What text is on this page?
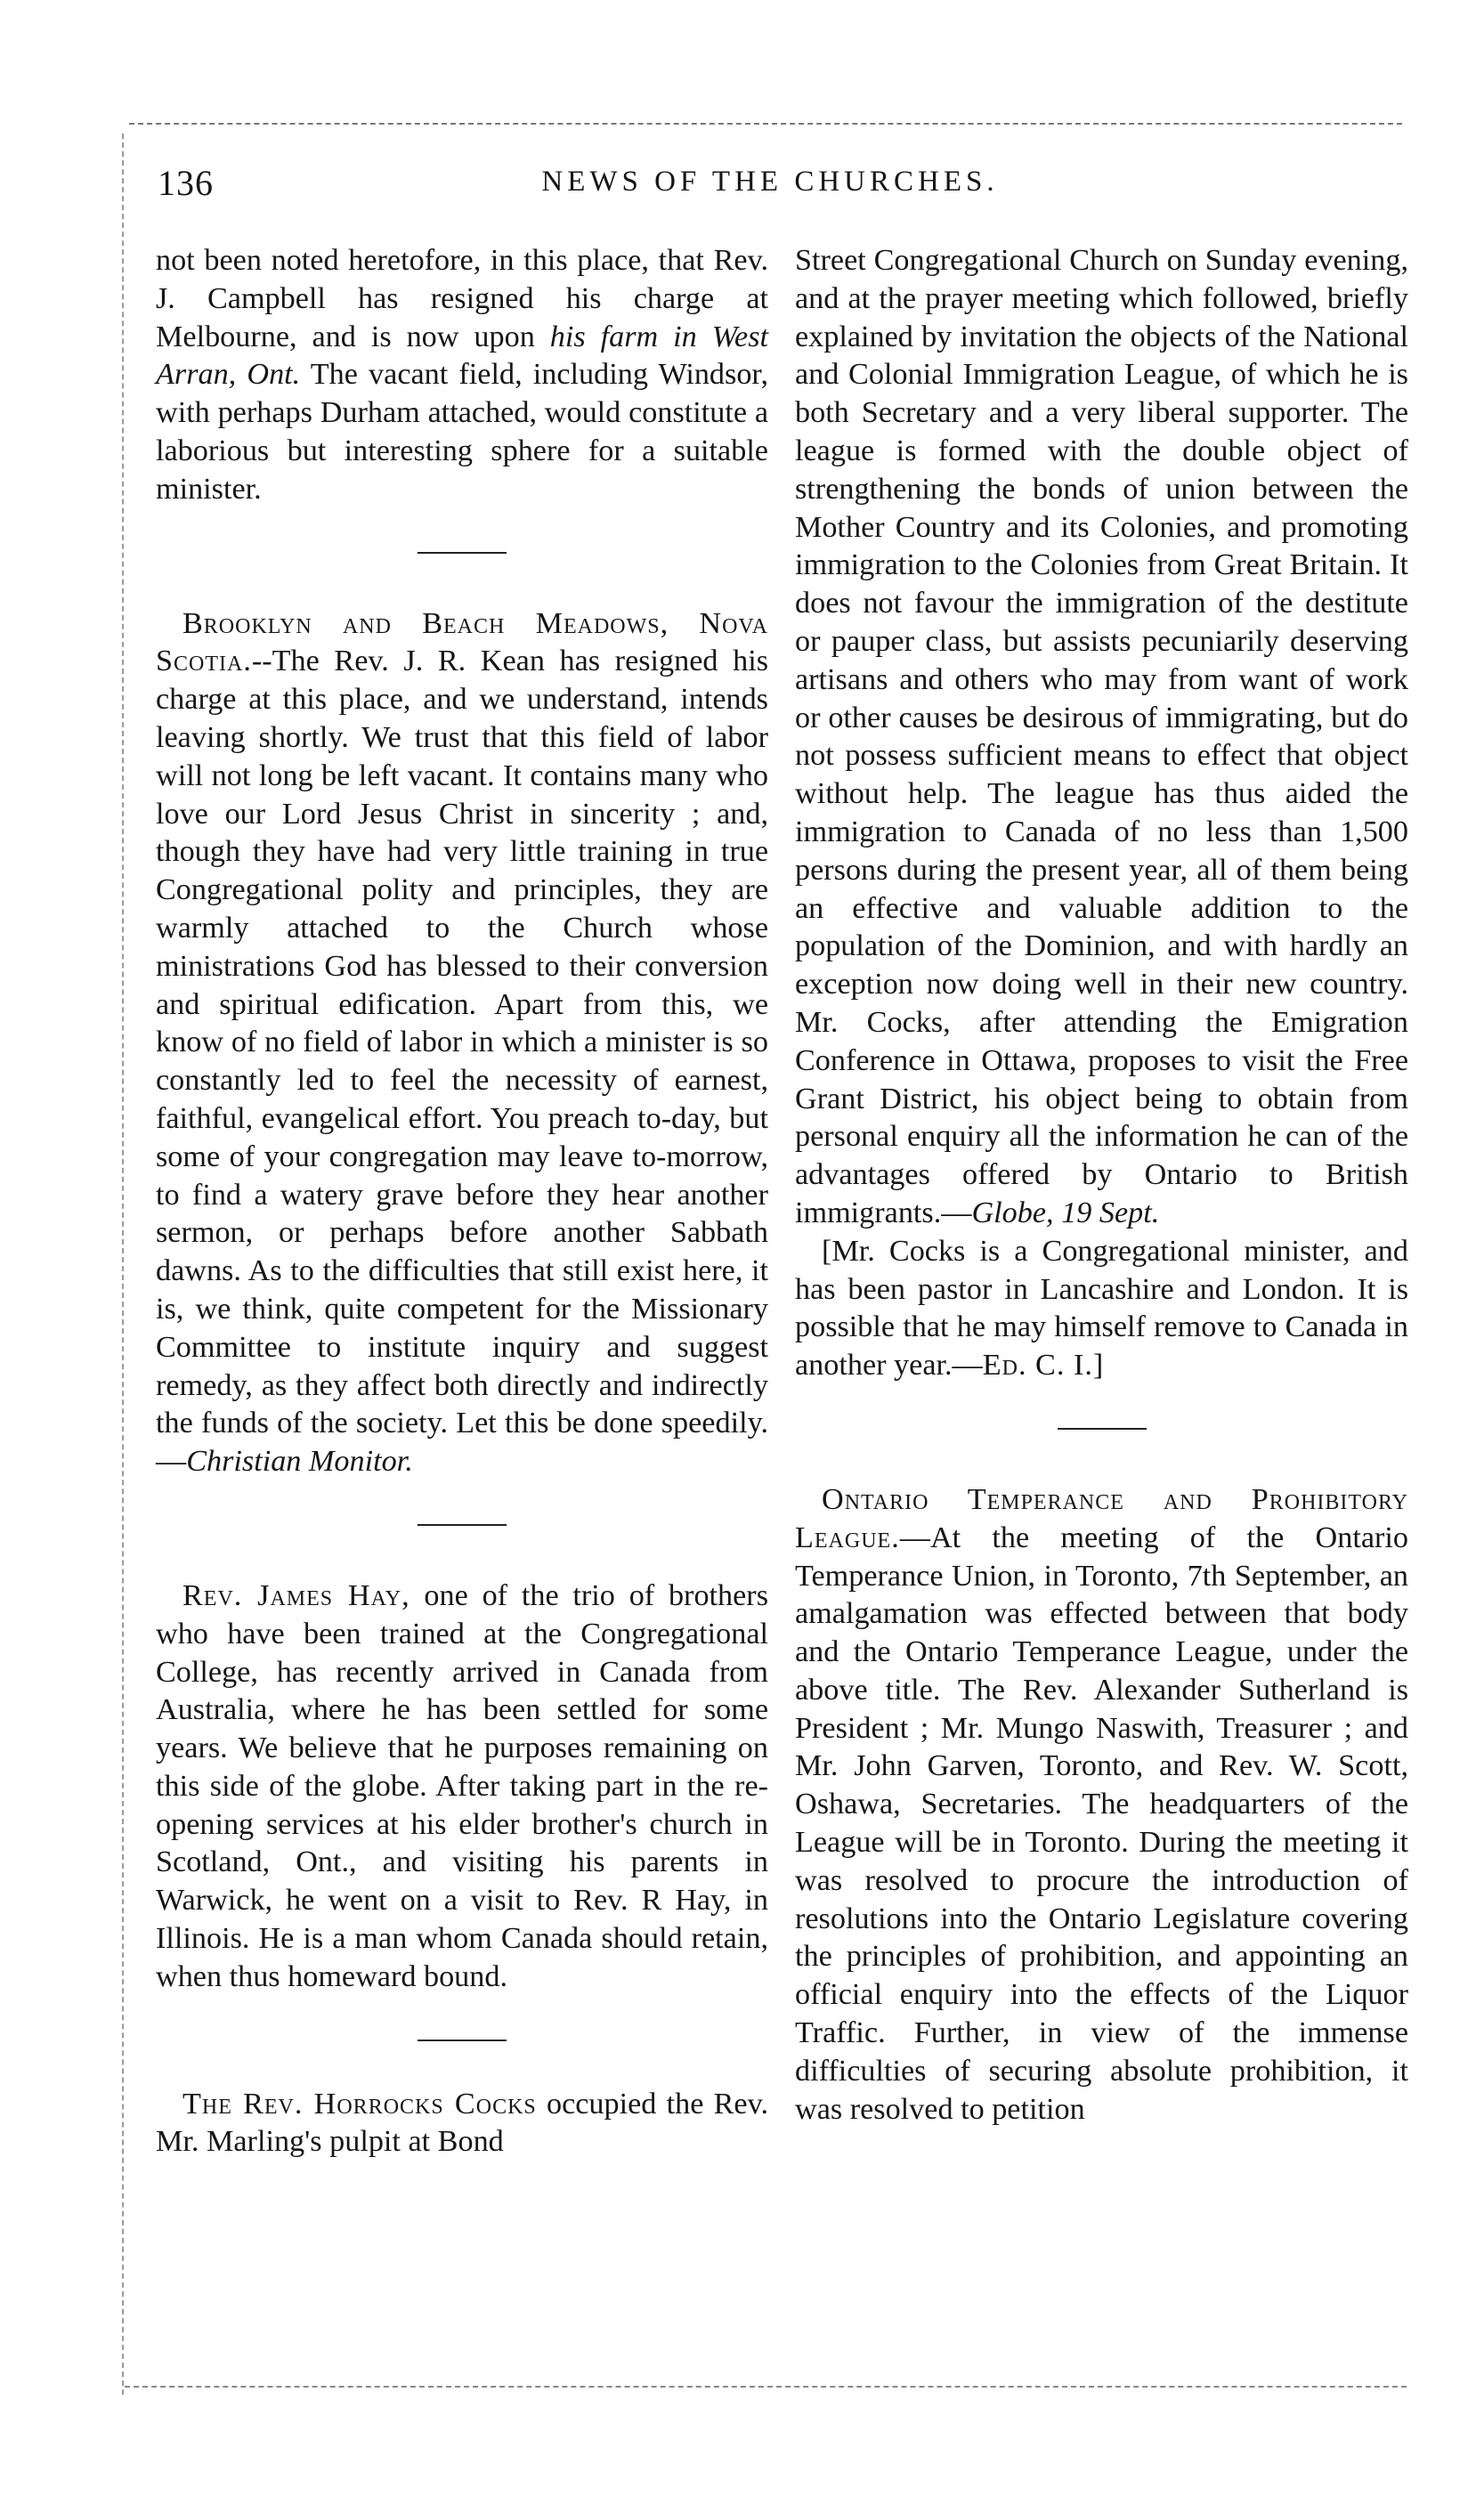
136	NEWS OF THE CHURCHES.

not been noted heretofore, in this place, that Rev. J. Campbell has resigned his charge at Melbourne, and is now upon his farm in West Arran, Ont. The vacant field, including Windsor, with perhaps Durham attached, would constitute a laborious but interesting sphere for a suitable minister.

Brooklyn and Beach Meadows, Nova Scotia.--The Rev. J. R. Kean has resigned his charge at this place, and we understand, intends leaving shortly. We trust that this field of labor will not long be left vacant. It contains many who love our Lord Jesus Christ in sincerity ; and, though they have had very little training in true Congregational polity and principles, they are warmly attached to the Church whose ministrations God has blessed to their conversion and spiritual edification. Apart from this, we know of no field of labor in which a minister is so constantly led to feel the necessity of earnest, faithful, evangelical effort. You preach to-day, but some of your congregation may leave to-morrow, to find a watery grave before they hear another sermon, or perhaps before another Sabbath dawns. As to the difficulties that still exist here, it is, we think, quite competent for the Missionary Committee to institute inquiry and suggest remedy, as they affect both directly and indirectly the funds of the society. Let this be done speedily.—Christian Monitor.

Rev. James Hay, one of the trio of brothers who have been trained at the Congregational College, has recently arrived in Canada from Australia, where he has been settled for some years. We believe that he purposes remaining on this side of the globe. After taking part in the re-opening services at his elder brother's church in Scotland, Ont., and visiting his parents in Warwick, he went on a visit to Rev. R Hay, in Illinois. He is a man whom Canada should retain, when thus homeward bound.

The Rev. Horrocks Cocks occupied the Rev. Mr. Marling's pulpit at Bond

Street Congregational Church on Sunday evening, and at the prayer meeting which followed, briefly explained by invitation the objects of the National and Colonial Immigration League, of which he is both Secretary and a very liberal supporter. The league is formed with the double object of strengthening the bonds of union between the Mother Country and its Colonies, and promoting immigration to the Colonies from Great Britain. It does not favour the immigration of the destitute or pauper class, but assists pecuniarily deserving artisans and others who may from want of work or other causes be desirous of immigrating, but do not possess sufficient means to effect that object without help. The league has thus aided the immigration to Canada of no less than 1,500 persons during the present year, all of them being an effective and valuable addition to the population of the Dominion, and with hardly an exception now doing well in their new country. Mr. Cocks, after attending the Emigration Conference in Ottawa, proposes to visit the Free Grant District, his object being to obtain from personal enquiry all the information he can of the advantages offered by Ontario to British immigrants.—Globe, 19 Sept.

[Mr. Cocks is a Congregational minister, and has been pastor in Lancashire and London. It is possible that he may himself remove to Canada in another year.—Ed. C. I.]

Ontario Temperance and Prohibitory League.—At the meeting of the Ontario Temperance Union, in Toronto, 7th September, an amalgamation was effected between that body and the Ontario Temperance League, under the above title. The Rev. Alexander Sutherland is President ; Mr. Mungo Naswith, Treasurer ; and Mr. John Garven, Toronto, and Rev. W. Scott, Oshawa, Secretaries. The headquarters of the League will be in Toronto. During the meeting it was resolved to procure the introduction of resolutions into the Ontario Legislature covering the principles of prohibition, and appointing an official enquiry into the effects of the Liquor Traffic. Further, in view of the immense difficulties of securing absolute prohibition, it was resolved to petition
